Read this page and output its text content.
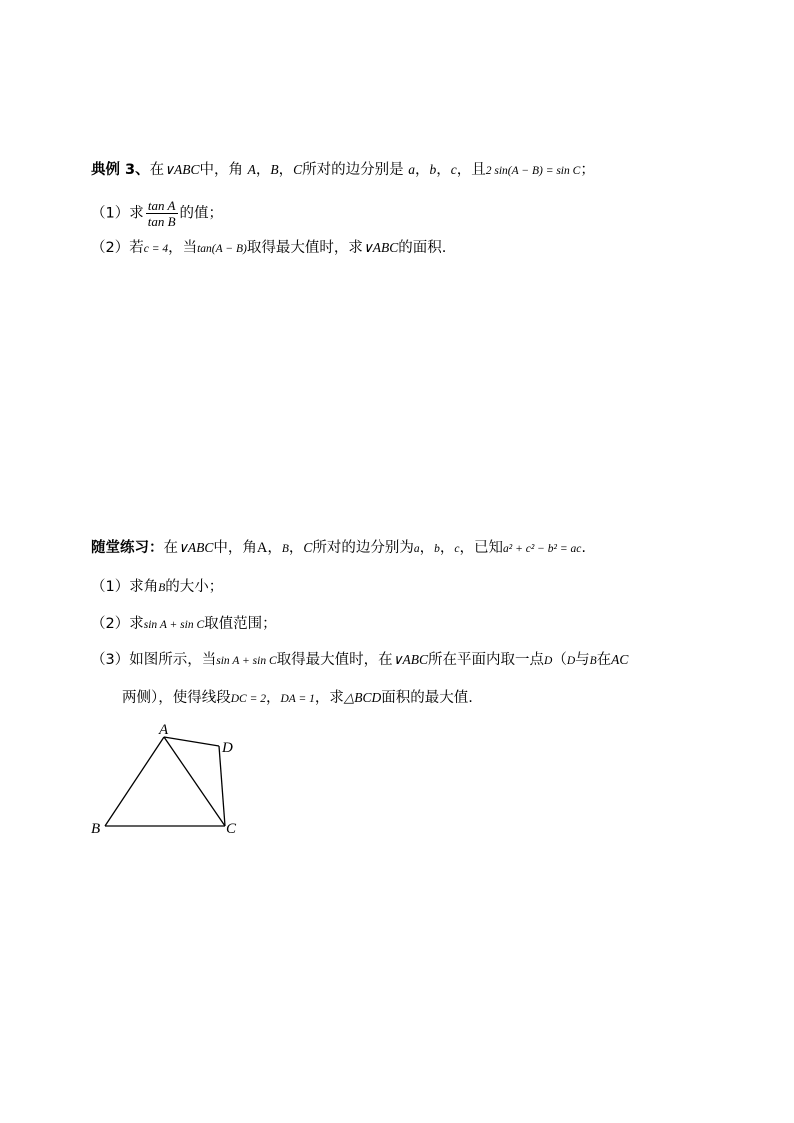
典例 3、在∨ABC中，角 A，B，C所对的边分别是 a，b，c，且2 sin(A − B) = sin C；
（1）求 $\frac{\text{tan A}}{\text{tan B}}$ 的值；
（2）若c = 4，当tan(A − B)取得最大值时，求∨ABC的面积.
随堂练习：在∨ABC中，角A，B，C所对的边分别为a，b，c，已知a² + c² − b² = ac.
（1）求角B的大小；
（2）求sin A + sin C取值范围；
（3）如图所示，当sin A + sin C取得最大值时，在∨ABC所在平面内取一点D（D与B在AC
两侧），使得线段DC = 2，DA = 1，求△BCD面积的最大值.
A
B	C
D
